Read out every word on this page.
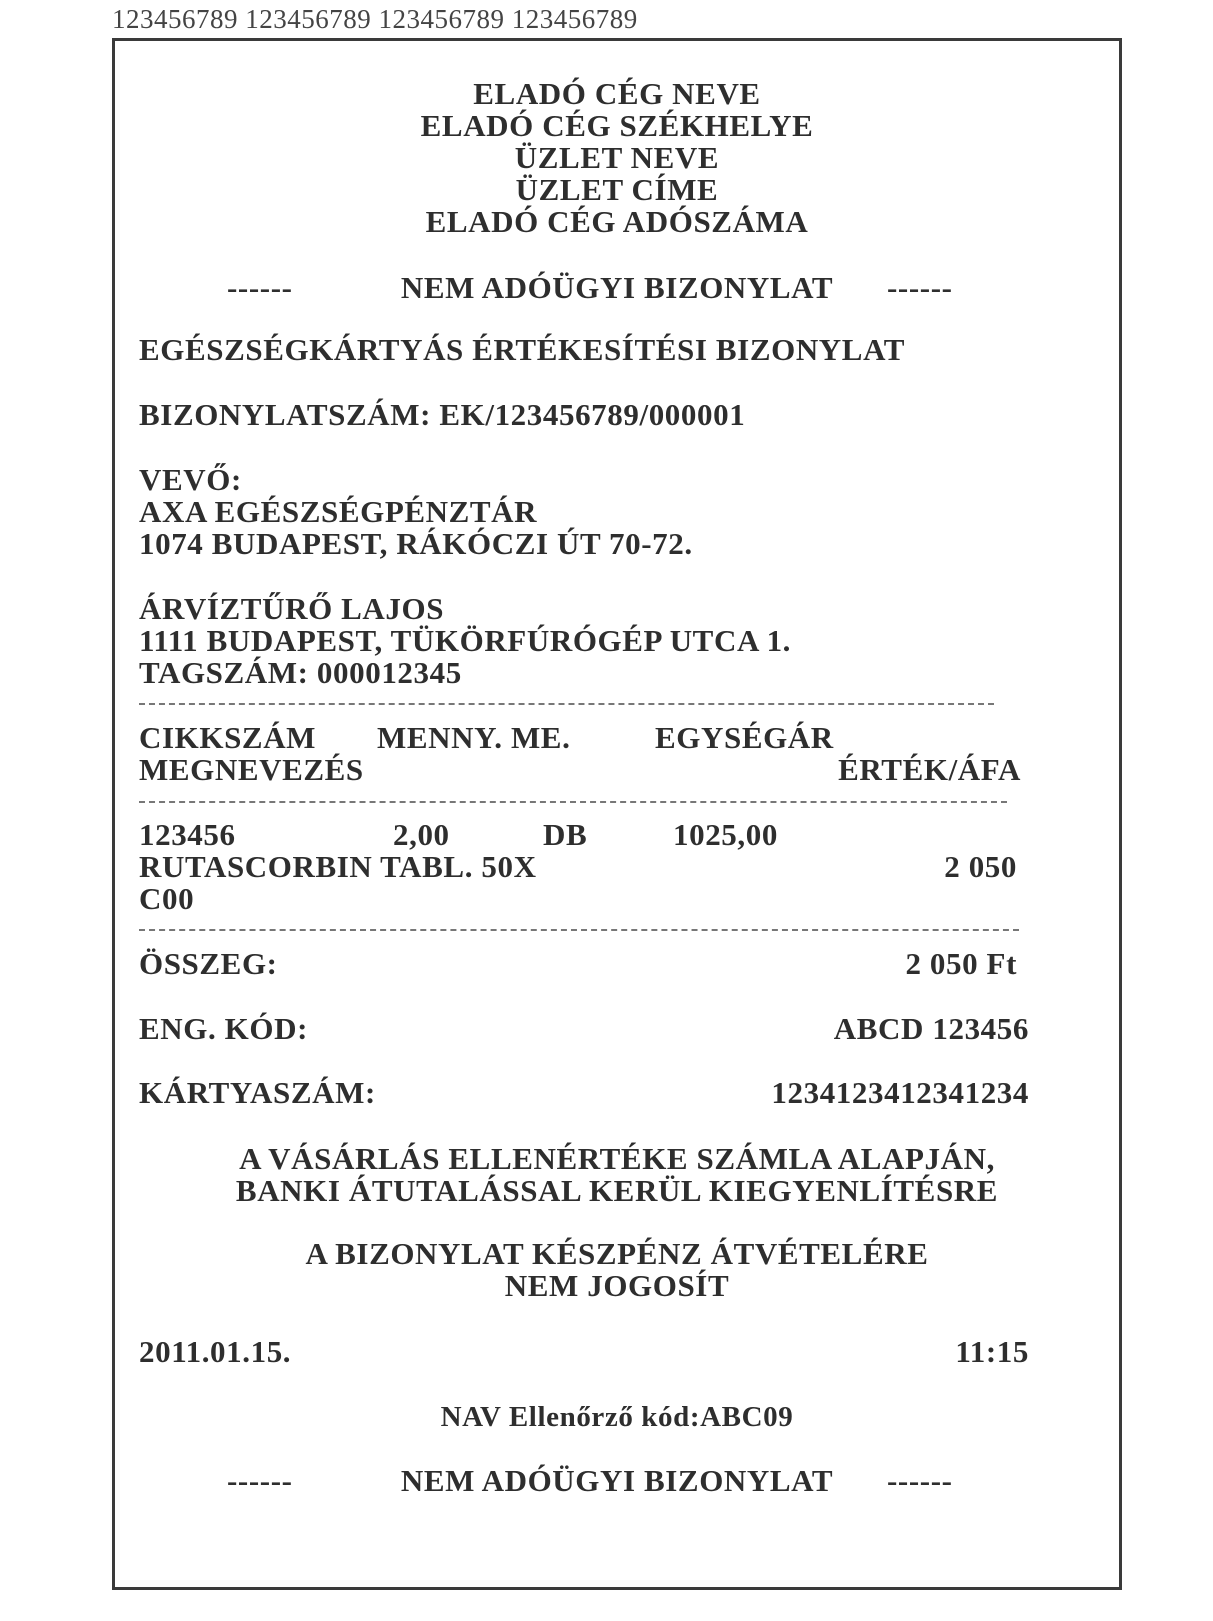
123456789 123456789 123456789 123456789
ELADÓ CÉG NEVE
ELADÓ CÉG SZÉKHELYE
ÜZLET NEVE
ÜZLET CÍME
ELADÓ CÉG ADÓSZÁMA
------	NEM ADÓÜGYI BIZONYLAT	------
EGÉSZSÉGKÁRTYÁS ÉRTÉKESÍTÉSI BIZONYLAT
BIZONYLATSZÁM: EK/123456789/000001
VEVŐ:
AXA EGÉSZSÉGPÉNZTÁR
1074 BUDAPEST, RÁKÓCZI ÚT 70-72.
ÁRVÍZTŰRŐ LAJOS
1111 BUDAPEST, TÜKÖRFÚRÓGÉP UTCA 1.
TAGSZÁM: 000012345
CIKKSZÁM MENNY. ME.	EGYSÉGÁR
MEGNEVEZÉS	ÉRTÉK/ÁFA
123456	2,00	DB	1025,00
RUTASCORBIN TABL. 50X	2 050
C00
ÖSSZEG:	2 050 Ft
ENG. KÓD:	ABCD 123456
KÁRTYASZÁM:	1234123412341234
A VÁSÁRLÁS ELLENÉRTÉKE SZÁMLA ALAPJÁN,
BANKI ÁTUTALÁSSAL KERÜL KIEGYENLÍTÉSRE
A BIZONYLAT KÉSZPÉNZ ÁTVÉTELÉRE
NEM JOGOSÍT
2011.01.15.	11:15
NAV Ellenőrző kód:ABC09
------	NEM ADÓÜGYI BIZONYLAT	------
